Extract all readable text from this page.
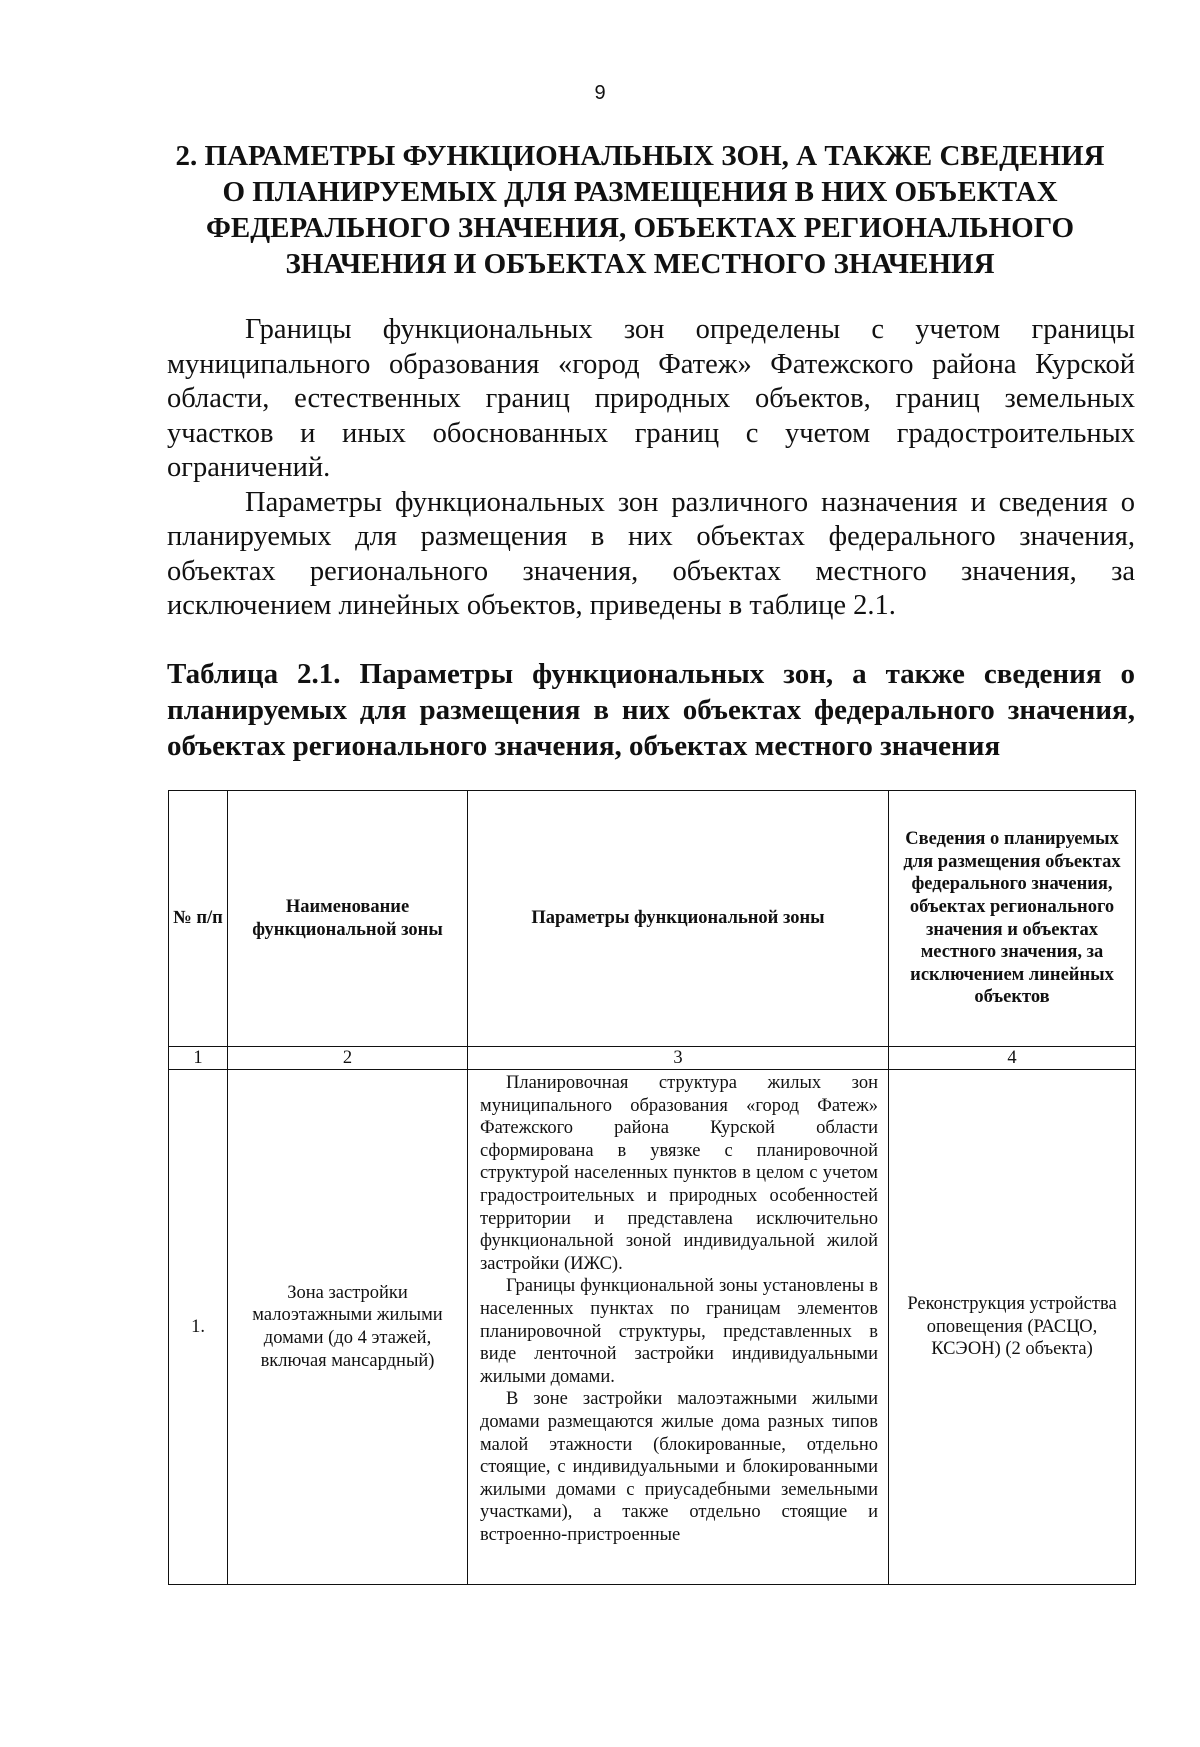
9
2. ПАРАМЕТРЫ ФУНКЦИОНАЛЬНЫХ ЗОН, А ТАКЖЕ СВЕДЕНИЯ
О ПЛАНИРУЕМЫХ ДЛЯ РАЗМЕЩЕНИЯ В НИХ ОБЪЕКТАХ
ФЕДЕРАЛЬНОГО ЗНАЧЕНИЯ, ОБЪЕКТАХ РЕГИОНАЛЬНОГО
ЗНАЧЕНИЯ И ОБЪЕКТАХ МЕСТНОГО ЗНАЧЕНИЯ

Границы функциональных зон определены с учетом границы муниципального образования «город Фатеж» Фатежского района Курской области, естественных границ природных объектов, границ земельных участков и иных обоснованных границ с учетом градостроительных ограничений.

Параметры функциональных зон различного назначения и сведения о планируемых для размещения в них объектах федерального значения, объектах регионального значения, объектах местного значения, за исключением линейных объектов, приведены в таблице 2.1.

Таблица 2.1. Параметры функциональных зон, а также сведения о планируемых для размещения в них объектах федерального значения, объектах регионального значения, объектах местного значения
№ п/п	Наименование функциональной зоны	Параметры функциональной зоны	Сведения о планируемых для размещения объектах федерального значения, объектах регионального значения и объектах местного значения, за исключением линейных объектов
1	2	3	4
1.	Зона застройки малоэтажными жилыми домами (до 4 этажей, включая мансардный)	Планировочная структура жилых зон муниципального образования «город Фатеж» Фатежского района Курской области сформирована в увязке с планировочной структурой населенных пунктов в целом с учетом градостроительных и природных особенностей территории и представлена исключительно функциональной зоной индивидуальной жилой застройки (ИЖС).

Границы функциональной зоны установлены в населенных пунктах по границам элементов планировочной структуры, представленных в виде ленточной застройки индивидуальными жилыми домами.

В зоне застройки малоэтажными жилыми домами размещаются жилые дома разных типов малой этажности (блокированные, отдельно стоящие, с индивидуальными и блокированными жилыми домами с приусадебными земельными участками), а также отдельно стоящие и встроенно-пристроенные	Реконструкция устройства оповещения (РАСЦО, КСЭОН) (2 объекта)
